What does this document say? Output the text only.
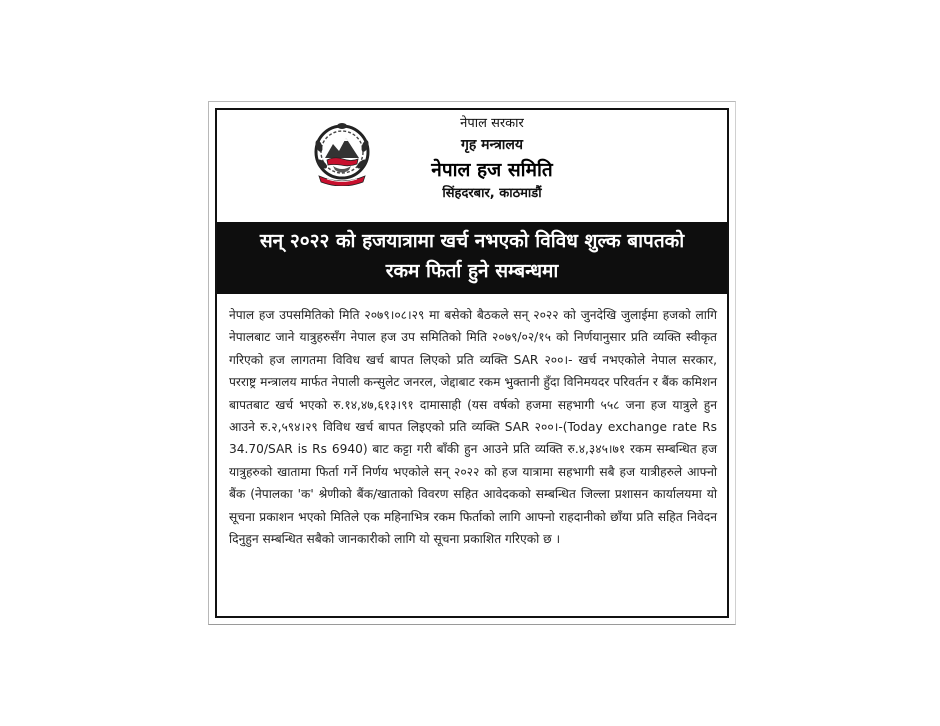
नेपाल सरकार
गृह मन्त्रालय
नेपाल हज समिति
सिंहदरबार, काठमाडौं
सन् २०२२ को हजयात्रामा खर्च नभएको विविध शुल्क बापतको
रकम फिर्ता हुने सम्बन्धमा
नेपाल हज उपसमितिको मिति २०७९।०८।२९ मा बसेको बैठकले सन् २०२२ को जुनदेखि जुलाईमा हजको लागि नेपालबाट जाने यात्रुहरुसँग नेपाल हज उप समितिको मिति २०७९/०२/१५ को निर्णयानुसार प्रति व्यक्ति स्वीकृत गरिएको हज लागतमा विविध खर्च बापत लिएको प्रति व्यक्ति SAR २००।- खर्च नभएकोले नेपाल सरकार, परराष्ट्र मन्त्रालय मार्फत नेपाली कन्सुलेट जनरल, जेद्दाबाट रकम भुक्तानी हुँदा विनिमयदर परिवर्तन र बैंक कमिशन बापतबाट खर्च भएको रु.१४,४७,६१३।९१ दामासाही (यस वर्षको हजमा सहभागी ५५८ जना हज यात्रुले हुन आउने रु.२,५९४।२९ विविध खर्च बापत लिइएको प्रति व्यक्ति SAR २००।-(Today exchange rate Rs 34.70/SAR is Rs 6940) बाट कट्टा गरी बाँकी हुन आउने प्रति व्यक्ति रु.४,३४५।७१ रकम सम्बन्धित हज यात्रुहरुको खातामा फिर्ता गर्ने निर्णय भएकोले सन् २०२२ को हज यात्रामा सहभागी सबै हज यात्रीहरुले आफ्नो बैंक (नेपालका 'क' श्रेणीको बैंक/खाताको विवरण सहित आवेदकको सम्बन्धित जिल्ला प्रशासन कार्यालयमा यो सूचना प्रकाशन भएको मितिले एक महिनाभित्र रकम फिर्ताको लागि आफ्नो राहदानीको छाँया प्रति सहित निवेदन दिनुहुन सम्बन्धित सबैको जानकारीको लागि यो सूचना प्रकाशित गरिएको छ ।
